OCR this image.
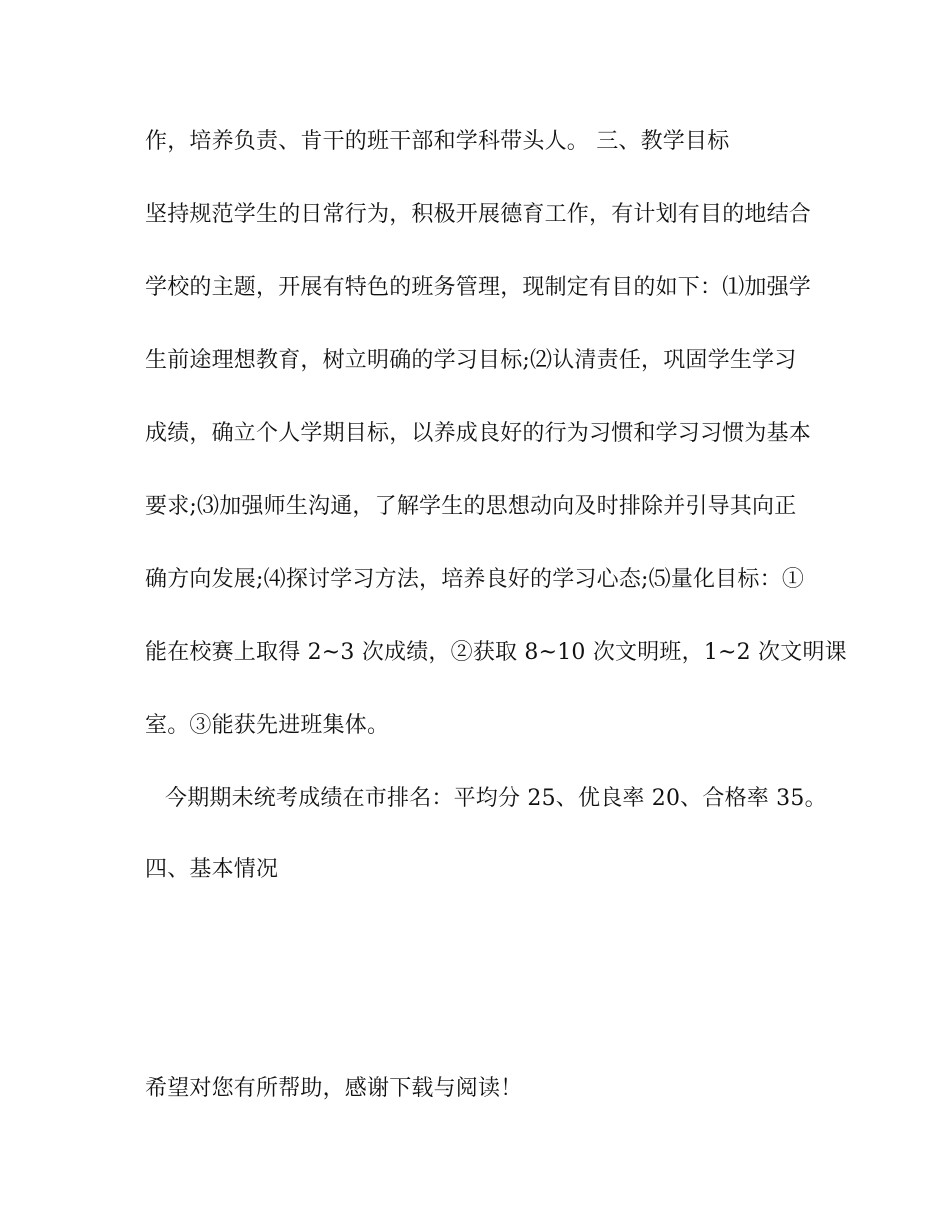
作，培养负责、肯干的班干部和学科带头人。 三、教学目标
坚持规范学生的日常行为，积极开展德育工作，有计划有目的地结合
学校的主题，开展有特色的班务管理，现制定有目的如下：⑴加强学
生前途理想教育，树立明确的学习目标;⑵认清责任，巩固学生学习
成绩，确立个人学期目标，以养成良好的行为习惯和学习习惯为基本
要求;⑶加强师生沟通，了解学生的思想动向及时排除并引导其向正
确方向发展;⑷探讨学习方法，培养良好的学习心态;⑸量化目标：①
能在校赛上取得 2~3 次成绩，②获取 8~10 次文明班，1~2 次文明课
室。③能获先进班集体。
今期期未统考成绩在市排名：平均分 25、优良率 20、合格率 35。
四、基本情况
希望对您有所帮助，感谢下载与阅读！
